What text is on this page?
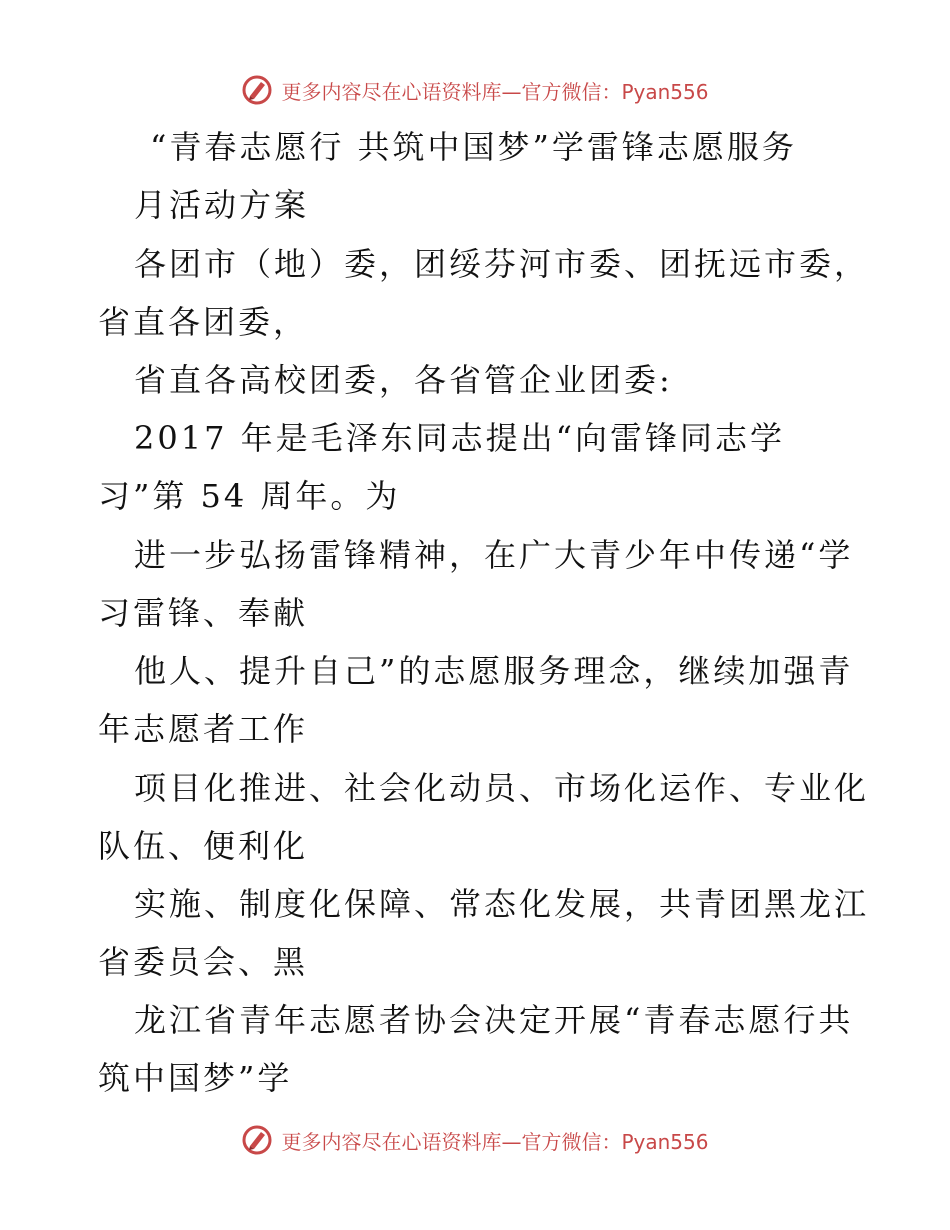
更多内容尽在心语资料库—官方微信：Pyan556
“青春志愿行 共筑中国梦”学雷锋志愿服务
月活动方案
各团市（地）委，团绥芬河市委、团抚远市委，
省直各团委，
省直各高校团委，各省管企业团委:
2017 年是毛泽东同志提出“向雷锋同志学
习”第 54 周年。为
进一步弘扬雷锋精神，在广大青少年中传递“学
习雷锋、奉献
他人、提升自己”的志愿服务理念，继续加强青
年志愿者工作
项目化推进、社会化动员、市场化运作、专业化
队伍、便利化
实施、制度化保障、常态化发展，共青团黑龙江
省委员会、黑
龙江省青年志愿者协会决定开展“青春志愿行共
筑中国梦”学
更多内容尽在心语资料库—官方微信：Pyan556
